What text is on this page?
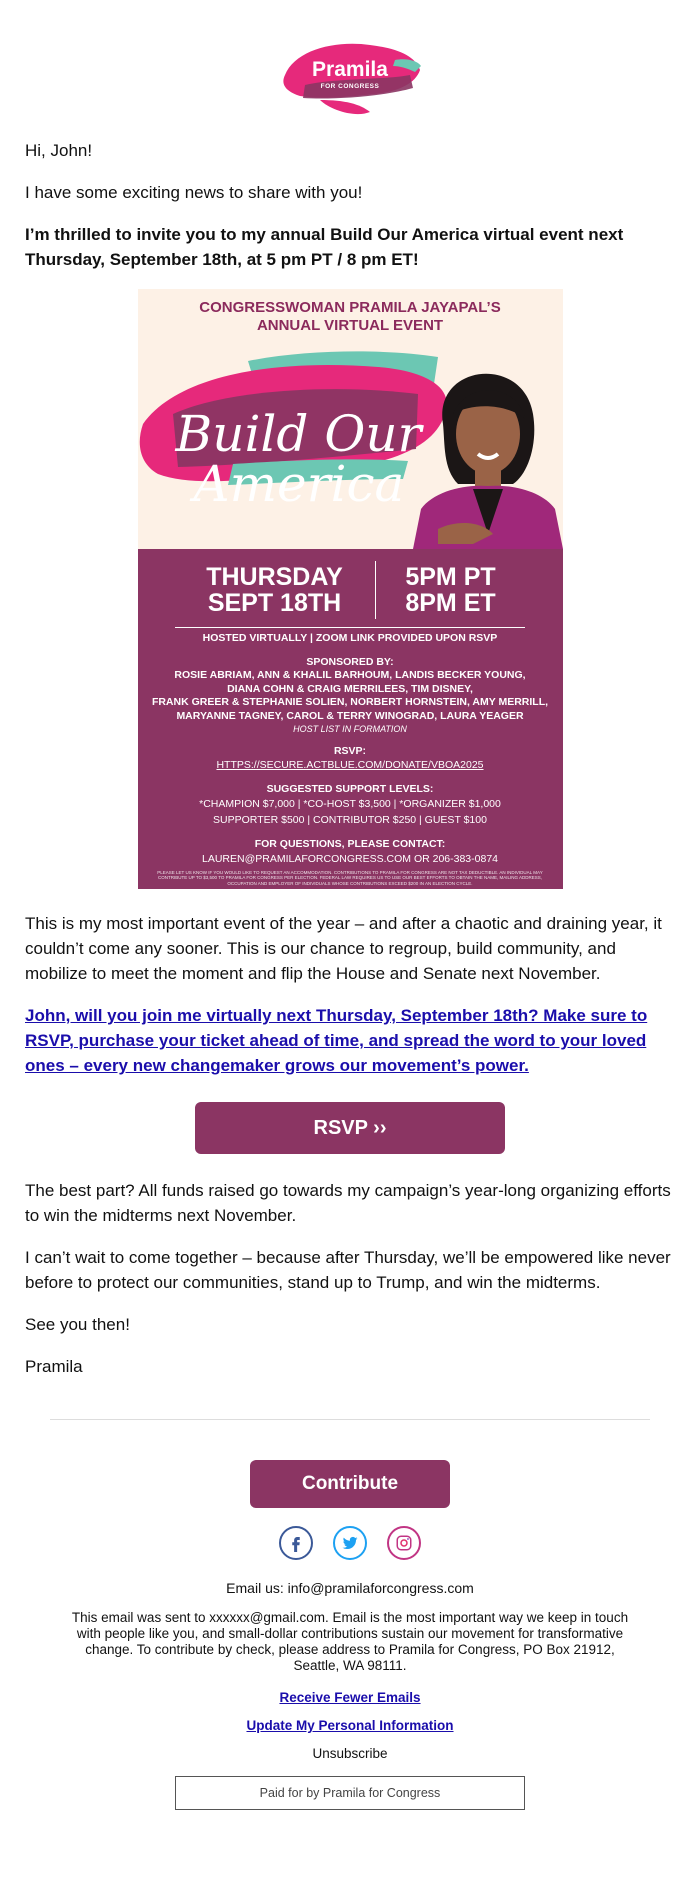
Pramila
FOR CONGRESS

Hi, John!

I have some exciting news to share with you!

I’m thrilled to invite you to my annual Build Our America virtual event next Thursday, September 18th, at 5 pm PT / 8 pm ET!

CONGRESSWOMAN PRAMILA JAYAPAL’S
ANNUAL VIRTUAL EVENT
Build Our
America
THURSDAY
SEPT 18TH
5PM PT
8PM ET
HOSTED VIRTUALLY | ZOOM LINK PROVIDED UPON RSVP
SPONSORED BY:
ROSIE ABRIAM, ANN & KHALIL BARHOUM, LANDIS BECKER YOUNG,
DIANA COHN & CRAIG MERRILEES, TIM DISNEY,
FRANK GREER & STEPHANIE SOLIEN, NORBERT HORNSTEIN, AMY MERRILL,
MARYANNE TAGNEY, CAROL & TERRY WINOGRAD, LAURA YEAGER
HOST LIST IN FORMATION
RSVP:
HTTPS://SECURE.ACTBLUE.COM/DONATE/VBOA2025
SUGGESTED SUPPORT LEVELS:
*CHAMPION $7,000 | *CO-HOST $3,500 | *ORGANIZER $1,000
SUPPORTER $500 | CONTRIBUTOR $250 | GUEST $100
FOR QUESTIONS, PLEASE CONTACT:
LAUREN@PRAMILAFORCONGRESS.COM OR 206-383-0874
PLEASE LET US KNOW IF YOU WOULD LIKE TO REQUEST AN ACCOMMODATION. CONTRIBUTIONS TO PRAMILA FOR CONGRESS ARE NOT TAX DEDUCTIBLE. AN INDIVIDUAL MAY CONTRIBUTE UP TO $3,500 TO PRAMILA FOR CONGRESS PER ELECTION. FEDERAL LAW REQUIRES US TO USE OUR BEST EFFORTS TO OBTAIN THE NAME, MAILING ADDRESS, OCCUPATION AND EMPLOYER OF INDIVIDUALS WHOSE CONTRIBUTIONS EXCEED $200 IN AN ELECTION CYCLE.
PAID FOR BY PRAMILA FOR CONGRESS

This is my most important event of the year – and after a chaotic and draining year, it couldn’t come any sooner. This is our chance to regroup, build community, and mobilize to meet the moment and flip the House and Senate next November.

John, will you join me virtually next Thursday, September 18th? Make sure to RSVP, purchase your ticket ahead of time, and spread the word to your loved ones – every new changemaker grows our movement’s power.

RSVP ››

The best part? All funds raised go towards my campaign’s year-long organizing efforts to win the midterms next November.

I can’t wait to come together – because after Thursday, we’ll be empowered like never before to protect our communities, stand up to Trump, and win the midterms.

See you then!

Pramila

Contribute
Email us: info@pramilaforcongress.com
This email was sent to xxxxxx@gmail.com. Email is the most important way we keep in touch with people like you, and small-dollar contributions sustain our movement for transformative change. To contribute by check, please address to Pramila for Congress, PO Box 21912, Seattle, WA 98111.
Receive Fewer Emails
Update My Personal Information
Unsubscribe
Paid for by Pramila for Congress
